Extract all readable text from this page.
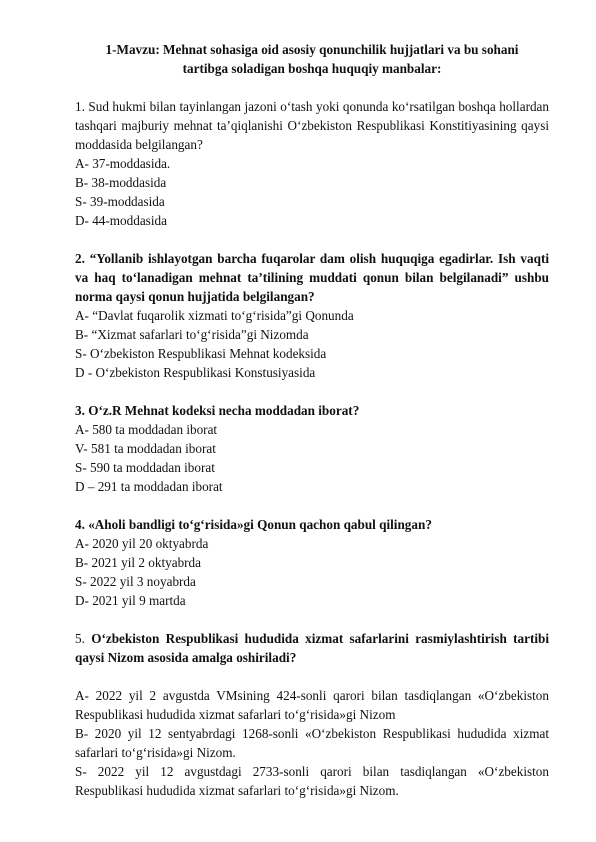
1-Mavzu: Mehnat sohasiga oid asosiy qonunchilik hujjatlari va bu sohani
tartibga soladigan boshqa huquqiy manbalar:

1. Sud hukmi bilan tayinlangan jazoni o‘tash yoki qonunda ko‘rsatilgan boshqa hollardan tashqari majburiy mehnat ta’qiqlanishi O‘zbekiston Respublikasi Konstitiyasining qaysi moddasida belgilangan?

A- 37-moddasida.

B- 38-moddasida

S- 39-moddasida

D- 44-moddasida

2. “Yollanib ishlayotgan barcha fuqarolar dam olish huquqiga egadirlar. Ish vaqti va haq to‘lanadigan mehnat ta’tilining muddati qonun bilan belgilanadi” ushbu norma qaysi qonun hujjatida belgilangan?

A- “Davlat fuqarolik xizmati to‘g‘risida”gi Qonunda

B- “Xizmat safarlari to‘g‘risida”gi Nizomda

S- O‘zbekiston Respublikasi Mehnat kodeksida

D - O‘zbekiston Respublikasi Konstusiyasida

3. O‘z.R Mehnat kodeksi necha moddadan iborat?

A- 580 ta moddadan iborat

V- 581 ta moddadan iborat

S- 590 ta moddadan iborat

D – 291 ta moddadan iborat

4. «Aholi bandligi to‘g‘risida»gi Qonun qachon qabul qilingan?

A- 2020 yil 20 oktyabrda

B- 2021 yil 2 oktyabrda

S- 2022 yil 3 noyabrda

D- 2021 yil 9 martda

5. O‘zbekiston Respublikasi hududida xizmat safarlarini rasmiylashtirish tartibi qaysi Nizom asosida amalga oshiriladi?

A- 2022 yil 2 avgustda VMsining 424-sonli qarori bilan tasdiqlangan «O‘zbekiston Respublikasi hududida xizmat safarlari to‘g‘risida»gi Nizom

B- 2020 yil 12 sentyabrdagi 1268-sonli «O‘zbekiston Respublikasi hududida xizmat safarlari to‘g‘risida»gi Nizom.

S- 2022 yil 12 avgustdagi 2733-sonli qarori bilan tasdiqlangan «O‘zbekiston Respublikasi hududida xizmat safarlari to‘g‘risida»gi Nizom.
